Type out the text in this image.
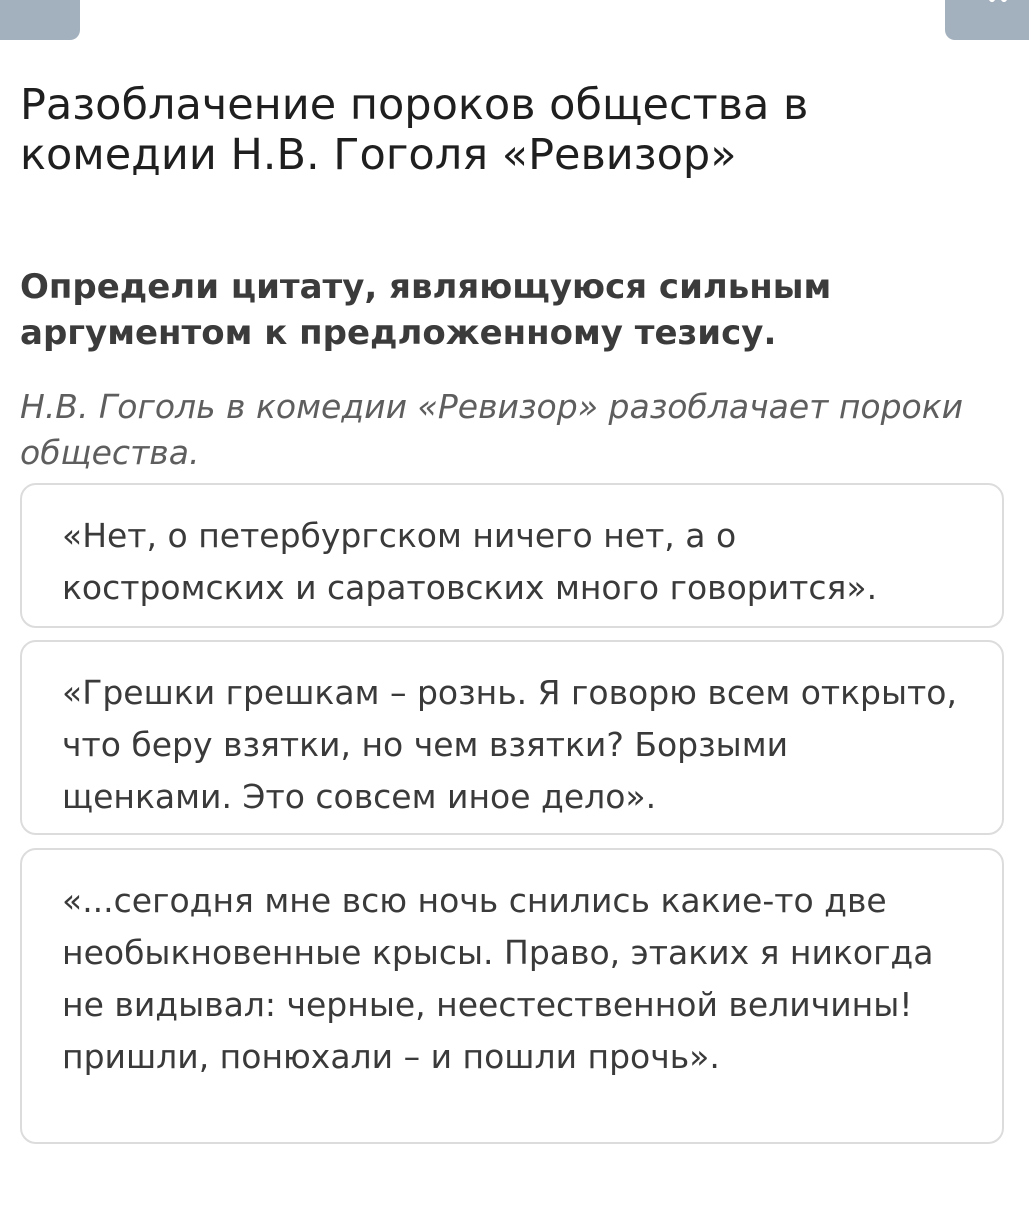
Разоблачение пороков общества в комедии Н.В. Гоголя «Ревизор»
Определи цитату, являющуюся сильным аргументом к предложенному тезису.

Н.В. Гоголь в комедии «Ревизор» разоблачает пороки общества.

«Нет, о петербургском ничего нет, а о костромских и саратовских много говорится».
«Грешки грешкам – рознь. Я говорю всем открыто, что беру взятки, но чем взятки? Борзыми щенками. Это совсем иное дело».
«...сегодня мне всю ночь снились какие-то две необыкновенные крысы. Право, этаких я никогда не видывал: черные, неестественной величины! пришли, понюхали – и пошли прочь».
